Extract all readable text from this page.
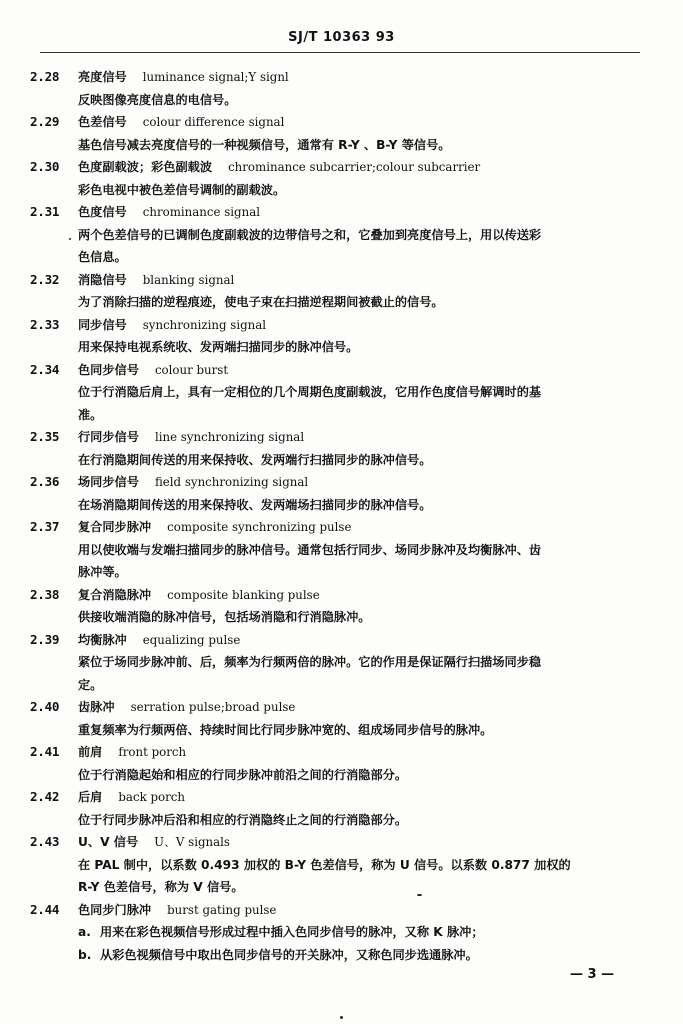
SJ/T 10363 93
2.28 亮度信号 luminance signal;Y signl
反映图像亮度信息的电信号。
2.29 色差信号 colour difference signal
基色信号减去亮度信号的一种视频信号，通常有 R-Y 、B-Y 等信号。
2.30 色度副载波；彩色副载波 chrominance subcarrier;colour subcarrier
彩色电视中被色差信号调制的副载波。
2.31 色度信号 chrominance signal
两个色差信号的已调制色度副载波的边带信号之和，它叠加到亮度信号上，用以传送彩
色信息。
2.32 消隐信号 blanking signal
为了消除扫描的逆程痕迹，使电子束在扫描逆程期间被截止的信号。
2.33 同步信号 synchronizing signal
用来保持电视系统收、发两端扫描同步的脉冲信号。
2.34 色同步信号 colour burst
位于行消隐后肩上，具有一定相位的几个周期色度副载波，它用作色度信号解调时的基
准。
2.35 行同步信号 line synchronizing signal
在行消隐期间传送的用来保持收、发两端行扫描同步的脉冲信号。
2.36 场同步信号 field synchronizing signal
在场消隐期间传送的用来保持收、发两端场扫描同步的脉冲信号。
2.37 复合同步脉冲 composite synchronizing pulse
用以使收端与发端扫描同步的脉冲信号。通常包括行同步、场同步脉冲及均衡脉冲、齿
脉冲等。
2.38 复合消隐脉冲 composite blanking pulse
供接收端消隐的脉冲信号，包括场消隐和行消隐脉冲。
2.39 均衡脉冲 equalizing pulse
紧位于场同步脉冲前、后，频率为行频两倍的脉冲。它的作用是保证隔行扫描场同步稳
定。
2.40 齿脉冲 serration pulse;broad pulse
重复频率为行频两倍、持续时间比行同步脉冲宽的、组成场同步信号的脉冲。
2.41 前肩 front porch
位于行消隐起始和相应的行同步脉冲前沿之间的行消隐部分。
2.42 后肩 back porch
位于行同步脉冲后沿和相应的行消隐终止之间的行消隐部分。
2.43 U、V 信号 U、V signals
在 PAL 制中，以系数 0.493 加权的 B-Y 色差信号，称为 U 信号。以系数 0.877 加权的
R-Y 色差信号，称为 V 信号。
2.44 色同步门脉冲 burst gating pulse
a. 用来在彩色视频信号形成过程中插入色同步信号的脉冲，又称 K 脉冲；
b. 从彩色视频信号中取出色同步信号的开关脉冲，又称色同步选通脉冲。
— 3 —
